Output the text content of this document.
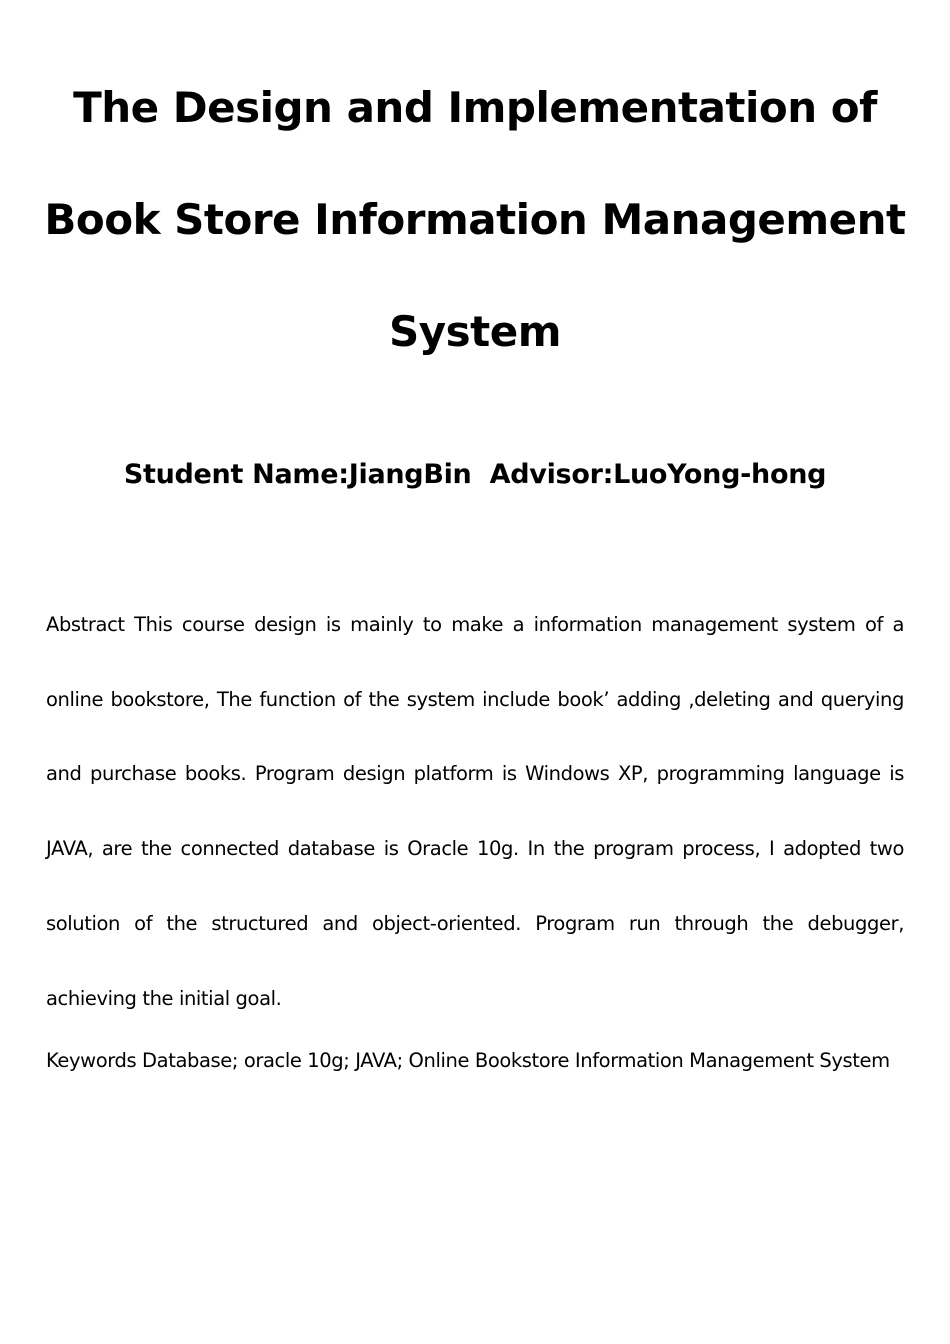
The Design and Implementation of
Book Store Information Management
System
Student Name:JiangBin  Advisor:LuoYong-hong

Abstract This course design is mainly to make a information management system of a online bookstore, The function of the system include book’ adding ,deleting and querying and purchase books. Program design platform is Windows XP, programming language is JAVA, are the connected database is Oracle 10g. In the program process, I adopted two solution of the structured and object-oriented. Program run through the debugger, achieving the initial goal.

Keywords Database; oracle 10g; JAVA; Online Bookstore Information Management System
